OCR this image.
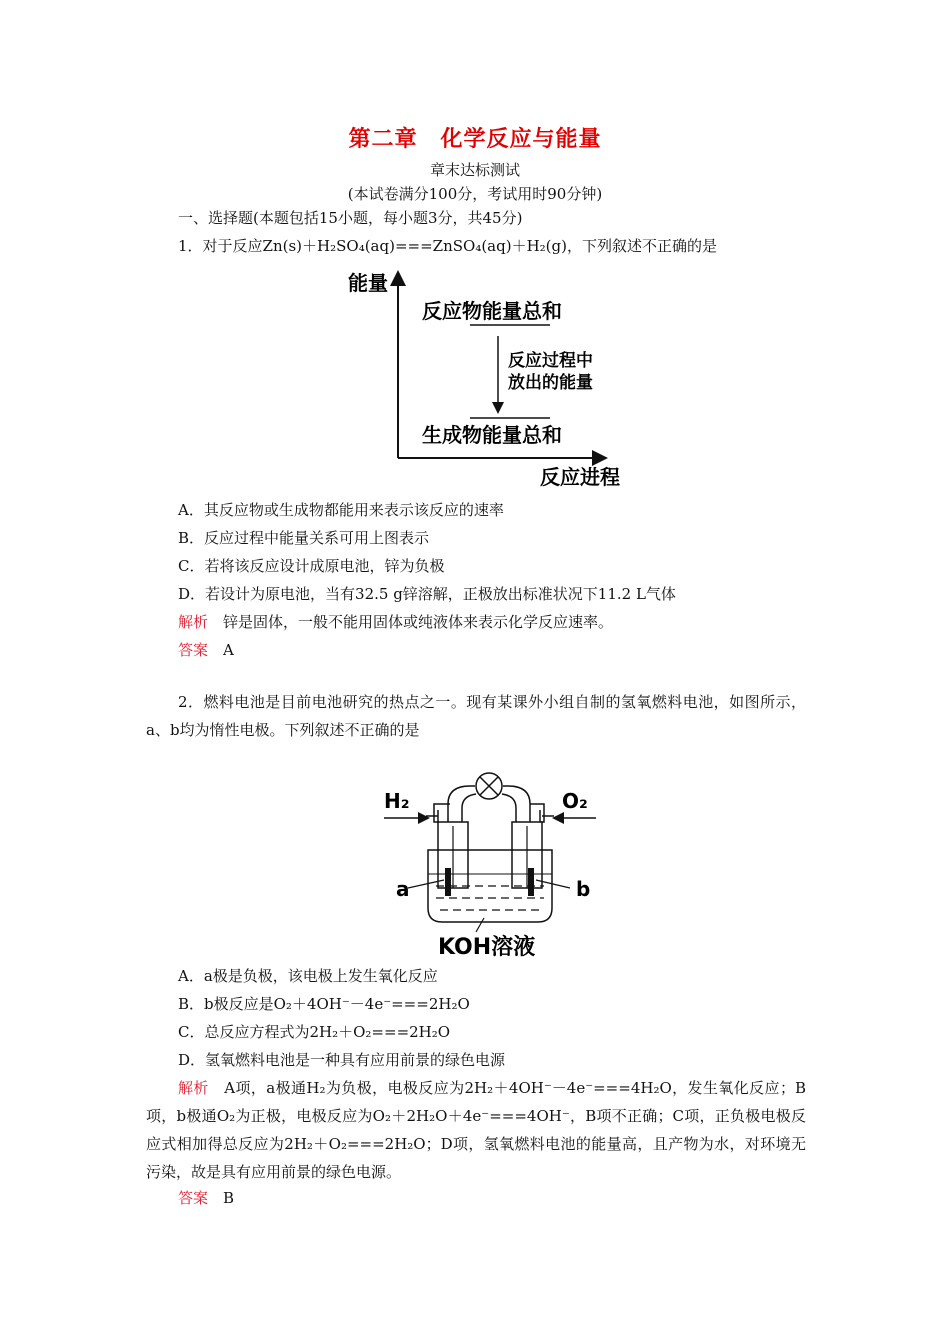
第二章　化学反应与能量
章末达标测试
(本试卷满分100分，考试用时90分钟)
一、选择题(本题包括15小题，每小题3分，共45分)
1．对于反应Zn(s)＋H₂SO₄(aq)===ZnSO₄(aq)＋H₂(g)，下列叙述不正确的是
能量
反应进程
反应物能量总和
反应过程中
放出的能量
生成物能量总和
A．其反应物或生成物都能用来表示该反应的速率
B．反应过程中能量关系可用上图表示
C．若将该反应设计成原电池，锌为负极
D．若设计为原电池，当有32.5 g锌溶解，正极放出标准状况下11.2 L气体
解析　 锌是固体，一般不能用固体或纯液体来表示化学反应速率。
答案　 A
2．燃料电池是目前电池研究的热点之一。现有某课外小组自制的氢氧燃料电池，如图所示，a、b均为惰性电极。下列叙述不正确的是
H₂	O₂
a	b
KOH溶液
A．a极是负极，该电极上发生氧化反应
B．b极反应是O₂＋4OH⁻－4e⁻===2H₂O
C．总反应方程式为2H₂＋O₂===2H₂O
D．氢氧燃料电池是一种具有应用前景的绿色电源
解析　 A项，a极通H₂为负极，电极反应为2H₂＋4OH⁻－4e⁻===4H₂O，发生氧化反应；B项，b极通O₂为正极，电极反应为O₂＋2H₂O＋4e⁻===4OH⁻，B项不正确；C项，正负极电极反应式相加得总反应为2H₂＋O₂===2H₂O；D项，氢氧燃料电池的能量高，且产物为水，对环境无污染，故是具有应用前景的绿色电源。
答案　 B
